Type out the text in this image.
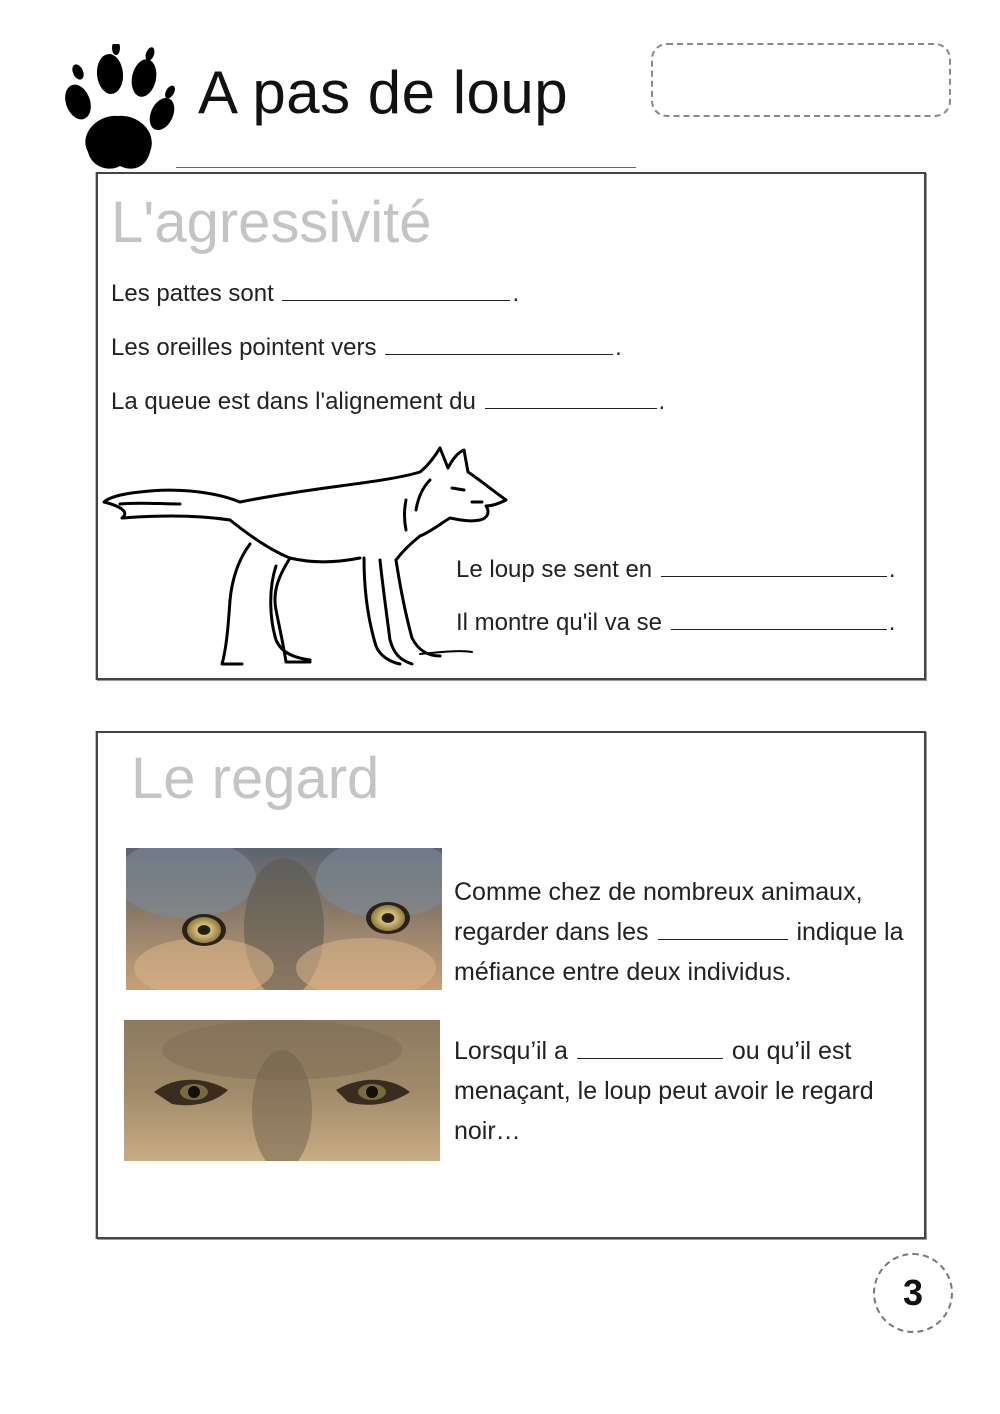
A pas de loup
L'agressivité
Les pattes sont	.
Les oreilles pointent vers	.
La queue est dans l'alignement du	.
Le loup se sent en	.
Il montre qu'il va se	.
Le regard
Comme chez de nombreux animaux, regarder dans les	indique la méfiance entre deux individus.
Lorsqu’il a	ou qu’il est menaçant, le loup peut avoir le regard noir…
3
